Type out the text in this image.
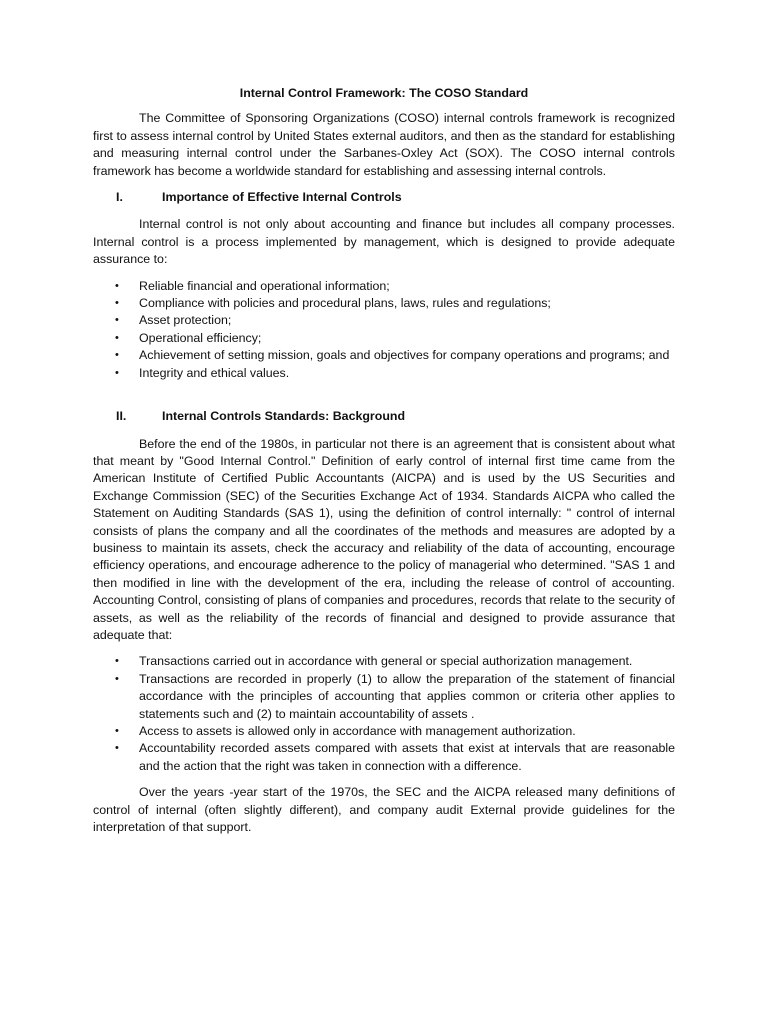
Internal Control Framework: The COSO Standard

The Committee of Sponsoring Organizations (COSO) internal controls framework is recognized first to assess internal control by United States external auditors, and then as the standard for establishing and measuring internal control under the Sarbanes-Oxley Act (SOX). The COSO internal controls framework has become a worldwide standard for establishing and assessing internal controls.

I.	Importance of Effective Internal Controls

Internal control is not only about accounting and finance but includes all company processes. Internal control is a process implemented by management, which is designed to provide adequate assurance to:

• Reliable financial and operational information;
• Compliance with policies and procedural plans, laws, rules and regulations;
• Asset protection;
• Operational efficiency;
• Achievement of setting mission, goals and objectives for company operations and programs; and
• Integrity and ethical values.
II.	Internal Controls Standards: Background

Before the end of the 1980s, in particular not there is an agreement that is consistent about what that meant by "Good Internal Control." Definition of early control of internal first time came from the American Institute of Certified Public Accountants (AICPA) and is used by the US Securities and Exchange Commission (SEC) of the Securities Exchange Act of 1934. Standards AICPA who called the Statement on Auditing Standards (SAS 1), using the definition of control internally: " control of internal consists of plans the company and all the coordinates of the methods and measures are adopted by a business to maintain its assets, check the accuracy and reliability of the data of accounting, encourage efficiency operations, and encourage adherence to the policy of managerial who determined. "SAS 1 and then modified in line with the development of the era, including the release of control of accounting. Accounting Control, consisting of plans of companies and procedures, records that relate to the security of assets, as well as the reliability of the records of financial and designed to provide assurance that adequate that:

• Transactions carried out in accordance with general or special authorization management.
• Transactions are recorded in properly (1) to allow the preparation of the statement of financial accordance with the principles of accounting that applies common or criteria other applies to statements such and (2) to maintain accountability of assets .
• Access to assets is allowed only in accordance with management authorization.
• Accountability recorded assets compared with assets that exist at intervals that are reasonable and the action that the right was taken in connection with a difference.

Over the years -year start of the 1970s, the SEC and the AICPA released many definitions of control of internal (often slightly different), and company audit External provide guidelines for the interpretation of that support.
